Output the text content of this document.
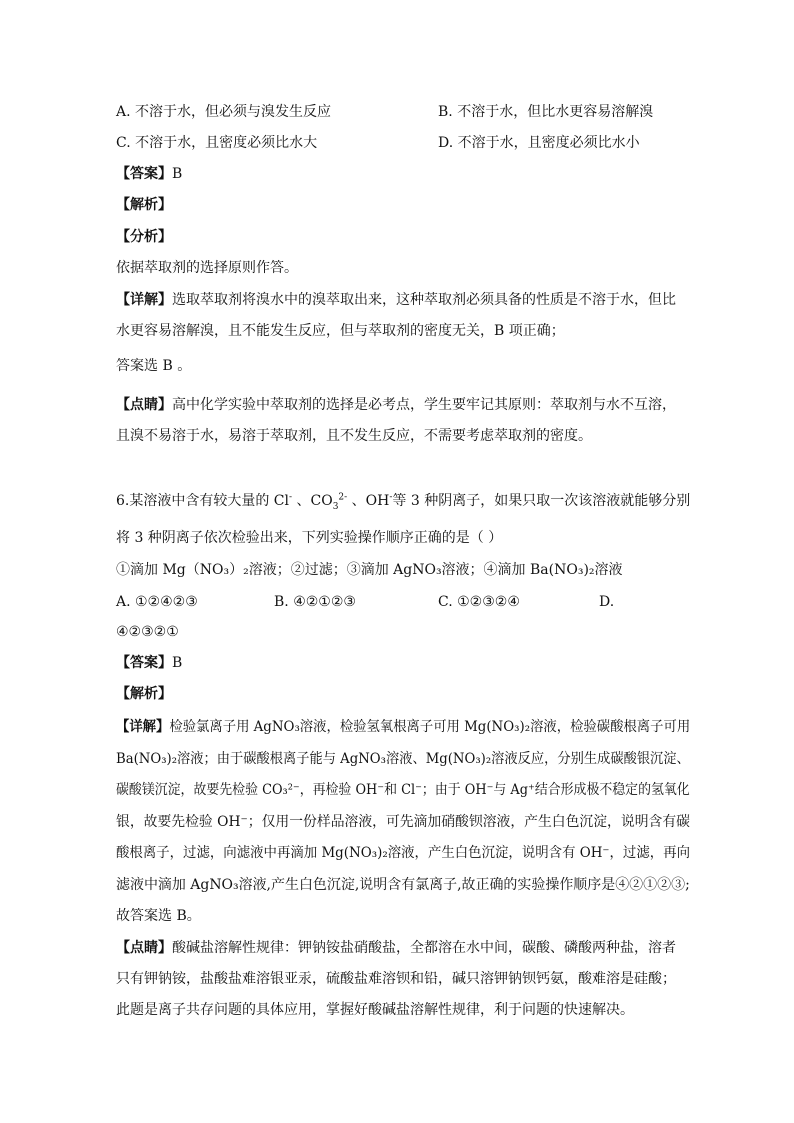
A. 不溶于水，但必须与溴发生反应	B. 不溶于水，但比水更容易溶解溴
C. 不溶于水，且密度必须比水大	D. 不溶于水，且密度必须比水小
【答案】B
【解析】
【分析】
依据萃取剂的选择原则作答。
【详解】选取萃取剂将溴水中的溴萃取出来，这种萃取剂必须具备的性质是不溶于水，但比
水更容易溶解溴，且不能发生反应，但与萃取剂的密度无关，B 项正确；
答案选 B 。
【点睛】高中化学实验中萃取剂的选择是必考点，学生要牢记其原则：萃取剂与水不互溶，
且溴不易溶于水，易溶于萃取剂，且不发生反应，不需要考虑萃取剂的密度。
6.某溶液中含有较大量的 Cl- 、$CO_3^{2-}$ 、OH-等 3 种阴离子，如果只取一次该溶液就能够分别
将 3 种阴离子依次检验出来，下列实验操作顺序正确的是（ ）
①滴加 Mg（NO₃）₂溶液；②过滤；③滴加 AgNO₃溶液；④滴加 Ba(NO₃)₂溶液
A. ①②④②③	B. ④②①②③	C. ①②③②④	D.
④②③②①
【答案】B
【解析】
【详解】检验氯离子用 AgNO₃溶液，检验氢氧根离子可用 Mg(NO₃)₂溶液，检验碳酸根离子可用
Ba(NO₃)₂溶液；由于碳酸根离子能与 AgNO₃溶液、Mg(NO₃)₂溶液反应，分别生成碳酸银沉淀、
碳酸镁沉淀，故要先检验 CO₃²⁻，再检验 OH⁻和 Cl⁻；由于 OH⁻与 Ag⁺结合形成极不稳定的氢氧化
银，故要先检验 OH⁻；仅用一份样品溶液，可先滴加硝酸钡溶液，产生白色沉淀，说明含有碳
酸根离子，过滤，向滤液中再滴加 Mg(NO₃)₂溶液，产生白色沉淀，说明含有 OH⁻，过滤，再向
滤液中滴加 AgNO₃溶液,产生白色沉淀,说明含有氯离子,故正确的实验操作顺序是④②①②③;
故答案选 B。
【点睛】酸碱盐溶解性规律：钾钠铵盐硝酸盐，全都溶在水中间，碳酸、磷酸两种盐，溶者
只有钾钠铵，盐酸盐难溶银亚汞，硫酸盐难溶钡和铅，碱只溶钾钠钡钙氨，酸难溶是硅酸；
此题是离子共存问题的具体应用，掌握好酸碱盐溶解性规律，利于问题的快速解决。
